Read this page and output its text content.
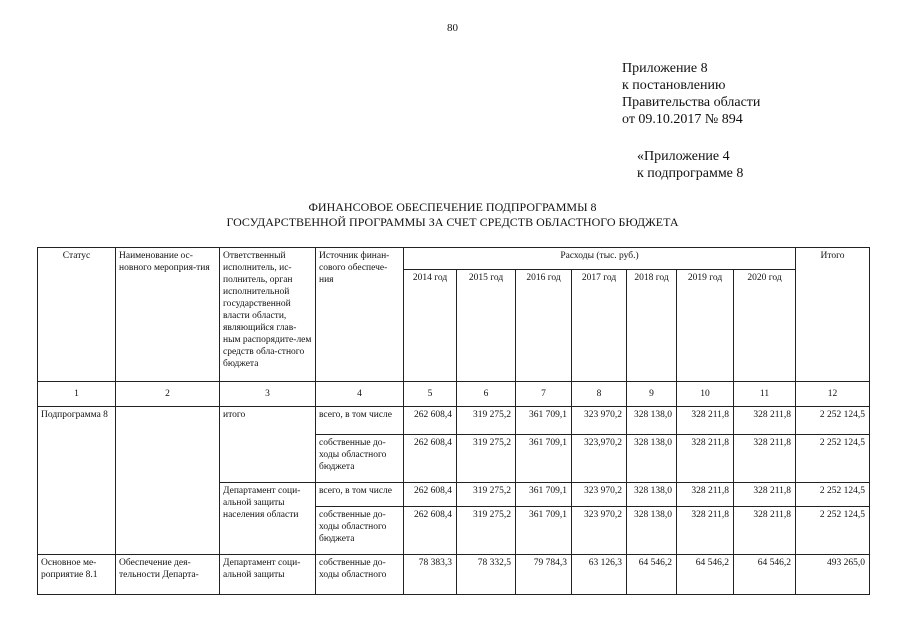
80
Приложение 8
к постановлению
Правительства области
от 09.10.2017 № 894
«Приложение 4
к подпрограмме 8
ФИНАНСОВОЕ ОБЕСПЕЧЕНИЕ ПОДПРОГРАММЫ 8
ГОСУДАРСТВЕННОЙ ПРОГРАММЫ ЗА СЧЕТ СРЕДСТВ ОБЛАСТНОГО БЮДЖЕТА
Статус	Наименование ос-новного мероприя-тия	Ответственный исполнитель, ис-полнитель, орган исполнительной государственной власти области, являющийся глав-ным распорядите-лем средств обла-стного бюджета	Источник финан-сового обеспече-ния	Расходы (тыс. руб.)							Итого
				2014 год	2015 год	2016 год	2017 год	2018 год	2019 год	2020 год	
1	2	3	4	5	6	7	8	9	10	11	12
Подпрограмма 8		итого	всего, в том числе	262 608,4	319 275,2	361 709,1	323 970,2	328 138,0	328 211,8	328 211,8	2 252 124,5
			собственные до-ходы областного бюджета	262 608,4	319 275,2	361 709,1	323,970,2	328 138,0	328 211,8	328 211,8	2 252 124,5
		Департамент соци-альной защиты населения области	всего, в том числе	262 608,4	319 275,2	361 709,1	323 970,2	328 138,0	328 211,8	328 211,8	2 252 124,5
			собственные до-ходы областного бюджета	262 608,4	319 275,2	361 709,1	323 970,2	328 138,0	328 211,8	328 211,8	2 252 124,5
Основное ме-роприятие 8.1	Обеспечение дея-тельности Департа-	Департамент соци-альной защиты	собственные до-ходы областного	78 383,3	78 332,5	79 784,3	63 126,3	64 546,2	64 546,2	64 546,2	493 265,0
